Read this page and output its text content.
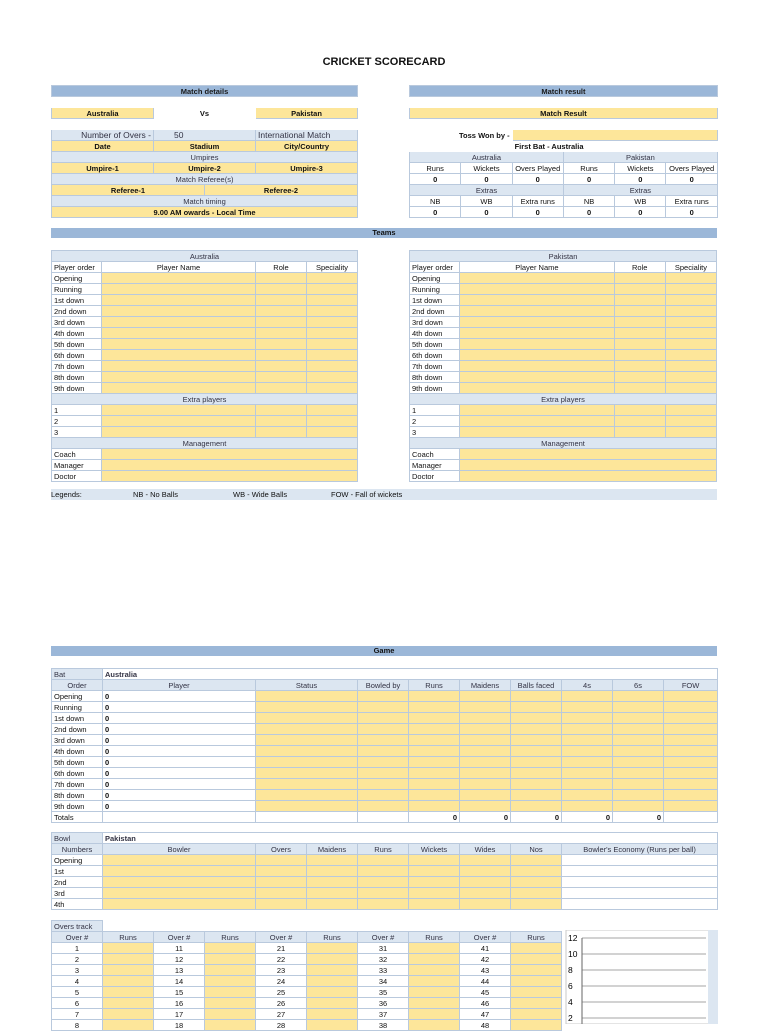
CRICKET SCORECARD
Match details		

Australia	Vs	Pakistan

Number of Overs -	50	International Match
Date	Stadium	City/Country
Umpires		
Umpire-1	Umpire-2	Umpire-3
Match Referee(s)		
Referee-1	Referee-2
Match timing
9.00 AM owards - Local Time
Match result					

Match Result					

Toss Won by -					
		First Bat - Australia			
Australia			Pakistan		
Runs	Wickets	Overs Played	Runs	Wickets	Overs Played
0	0	0	0	0	0
Extras			Extras		
NB	WB	Extra runs	NB	WB	Extra runs
0	0	0	0	0	0
Teams
Australia			
Player order	Player Name	Role	Speciality
Opening			
Running			
1st down			
2nd down			
3rd down			
4th down			
5th down			
6th down			
7th down			
8th down			
9th down			
Extra players			
1			
2			
3			
Management			
Coach			
Manager			
Doctor			
Pakistan			
Player order	Player Name	Role	Speciality
Opening			
Running			
1st down			
2nd down			
3rd down			
4th down			
5th down			
6th down			
7th down			
8th down			
9th down			
Extra players			
1			
2			
3			
Management			
Coach			
Manager			
Doctor			
Legends:	NB - No Balls	WB - Wide Balls	FOW - Fall of wickets
Game
Bat	Australia								
Order	Player	Status	Bowled by	Runs	Maidens	Balls faced	4s	6s	FOW
Opening	0								
Running	0								
1st down	0								
2nd down	0								
3rd down	0								
4th down	0								
5th down	0								
6th down	0								
7th down	0								
8th down	0								
9th down	0								
Totals				0	0	0	0	0	
Bowl	Pakistan							
Numbers	Bowler	Overs	Maidens	Runs	Wickets	Wides	Nos	Bowler's Economy (Runs per ball)
Opening								
1st								
2nd								
3rd								
4th								
Overs track									
Over #	Runs	Over #	Runs	Over #	Runs	Over #	Runs	Over #	Runs
1		11		21		31		41	
2		12		22		32		42	
3		13		23		33		43	
4		14		24		34		44	
5		15		25		35		45	
6		16		26		36		46	
7		17		27		37		47	
8		18		28		38		48	
12
10
8
6
4
2
